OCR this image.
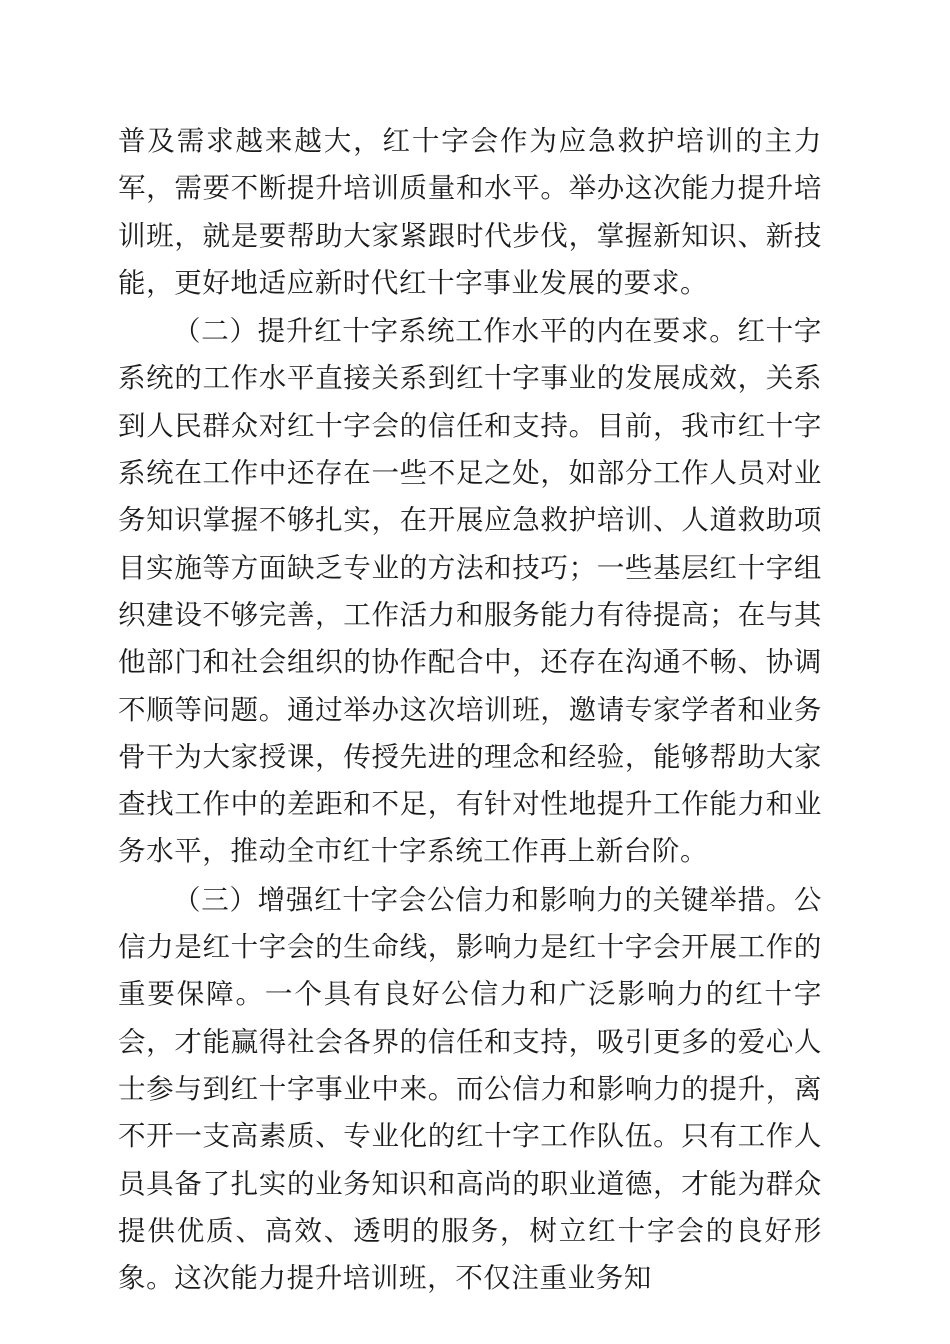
普及需求越来越大，红十字会作为应急救护培训的主力军，需要不断提升培训质量和水平。举办这次能力提升培训班，就是要帮助大家紧跟时代步伐，掌握新知识、新技能，更好地适应新时代红十字事业发展的要求。

（二）提升红十字系统工作水平的内在要求。红十字系统的工作水平直接关系到红十字事业的发展成效，关系到人民群众对红十字会的信任和支持。目前，我市红十字系统在工作中还存在一些不足之处，如部分工作人员对业务知识掌握不够扎实，在开展应急救护培训、人道救助项目实施等方面缺乏专业的方法和技巧；一些基层红十字组织建设不够完善，工作活力和服务能力有待提高；在与其他部门和社会组织的协作配合中，还存在沟通不畅、协调不顺等问题。通过举办这次培训班，邀请专家学者和业务骨干为大家授课，传授先进的理念和经验，能够帮助大家查找工作中的差距和不足，有针对性地提升工作能力和业务水平，推动全市红十字系统工作再上新台阶。

（三）增强红十字会公信力和影响力的关键举措。公信力是红十字会的生命线，影响力是红十字会开展工作的重要保障。一个具有良好公信力和广泛影响力的红十字会，才能赢得社会各界的信任和支持，吸引更多的爱心人士参与到红十字事业中来。而公信力和影响力的提升，离不开一支高素质、专业化的红十字工作队伍。只有工作人员具备了扎实的业务知识和高尚的职业道德，才能为群众提供优质、高效、透明的服务，树立红十字会的良好形象。这次能力提升培训班，不仅注重业务知
